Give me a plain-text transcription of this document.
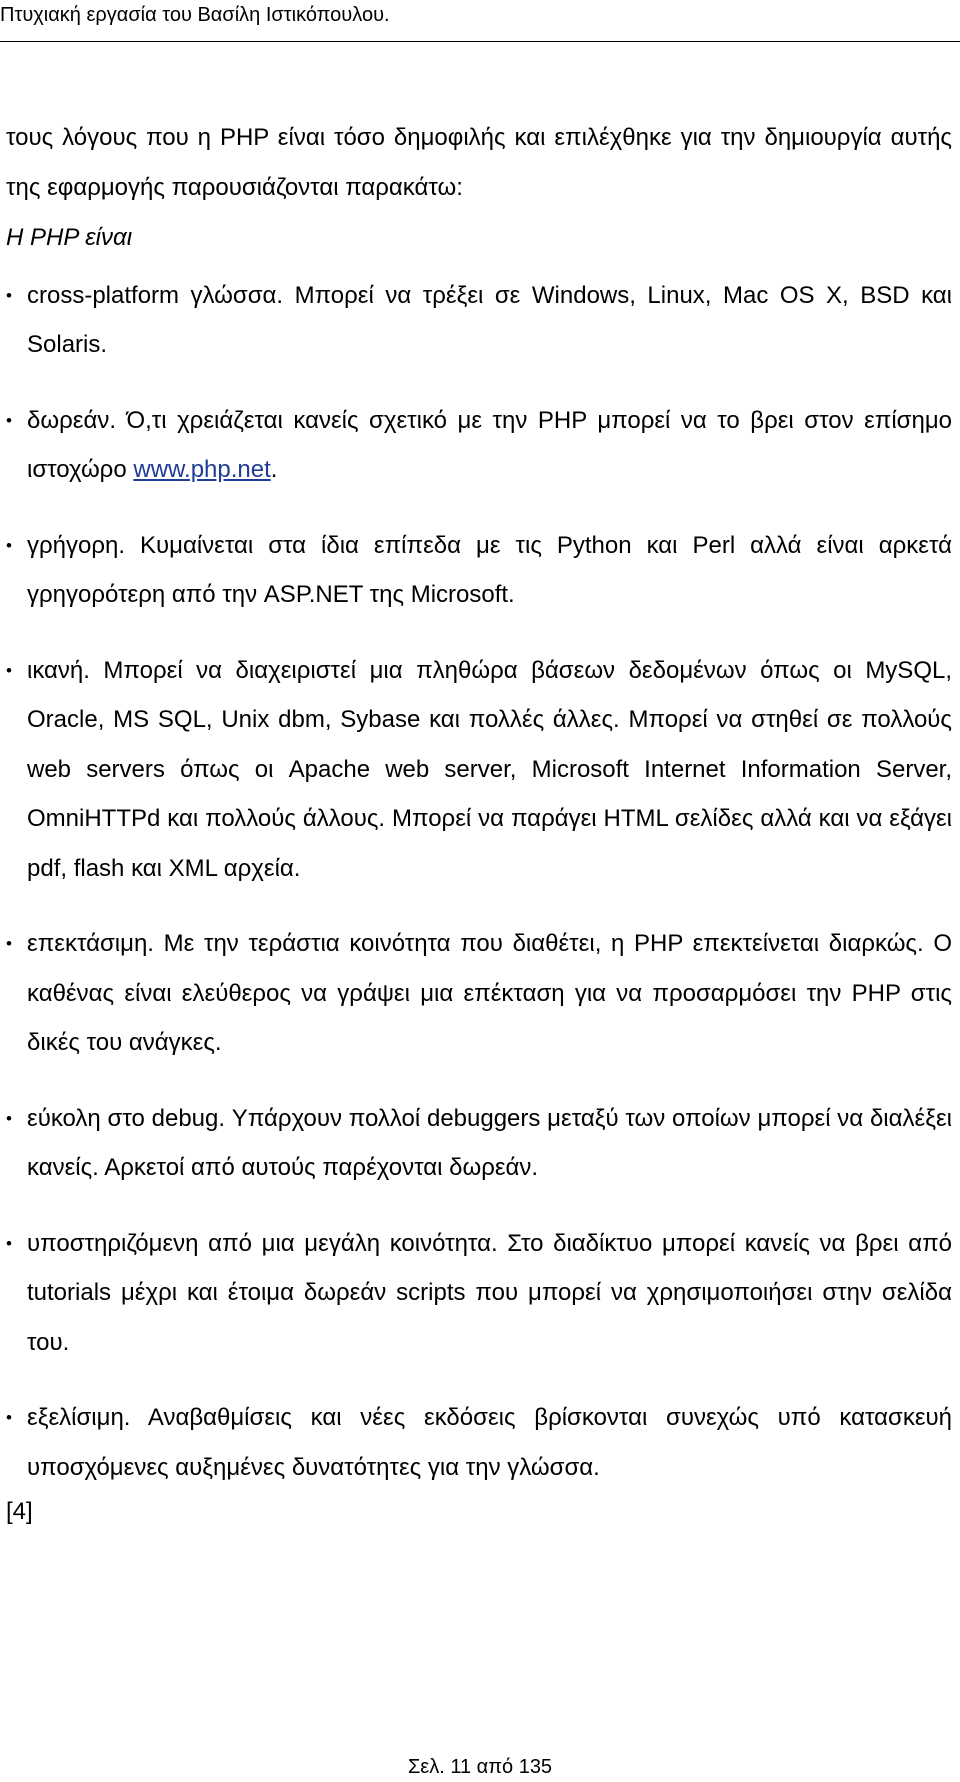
Πτυχιακή εργασία του Βασίλη Ιστικόπουλου.

τους λόγους που η PHP είναι τόσο δημοφιλής και επιλέχθηκε για την δημιουργία αυτής της εφαρμογής παρουσιάζονται παρακάτω:

Η PHP είναι

• cross-platform γλώσσα. Μπορεί να τρέξει σε Windows, Linux, Mac OS X, BSD και Solaris.
• δωρεάν. Ό,τι χρειάζεται κανείς σχετικό με την PHP μπορεί να το βρει στον επίσημο ιστοχώρο www.php.net.
• γρήγορη. Κυμαίνεται στα ίδια επίπεδα με τις Python και Perl αλλά είναι αρκετά γρηγορότερη από την ASP.NET της Microsoft.
• ικανή. Μπορεί να διαχειριστεί μια πληθώρα βάσεων δεδομένων όπως οι MySQL, Oracle, MS SQL, Unix dbm, Sybase και πολλές άλλες. Μπορεί να στηθεί σε πολλούς web servers όπως οι Apache web server, Microsoft Internet Information Server, OmniHTTPd και πολλούς άλλους. Μπορεί να παράγει HTML σελίδες αλλά και να εξάγει pdf, flash και XML αρχεία.
• επεκτάσιμη. Με την τεράστια κοινότητα που διαθέτει, η PHP επεκτείνεται διαρκώς. Ο καθένας είναι ελεύθερος να γράψει μια επέκταση για να προσαρμόσει την PHP στις δικές του ανάγκες.
• εύκολη στο debug. Υπάρχουν πολλοί debuggers μεταξύ των οποίων μπορεί να διαλέξει κανείς. Αρκετοί από αυτούς παρέχονται δωρεάν.
• υποστηριζόμενη από μια μεγάλη κοινότητα. Στο διαδίκτυο μπορεί κανείς να βρει από tutorials μέχρι και έτοιμα δωρεάν scripts που μπορεί να χρησιμοποιήσει στην σελίδα του.
• εξελίσιμη. Αναβαθμίσεις και νέες εκδόσεις βρίσκονται συνεχώς υπό κατασκευή υποσχόμενες αυξημένες δυνατότητες για την γλώσσα.

[4]

Σελ. 11 από 135
